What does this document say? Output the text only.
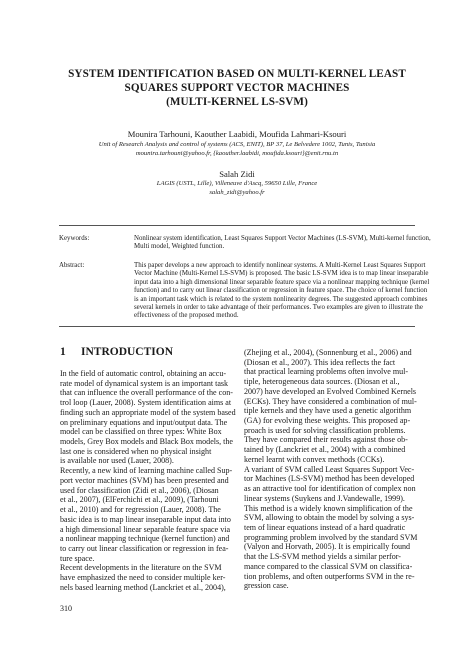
SYSTEM IDENTIFICATION BASED ON MULTI-KERNEL LEAST
SQUARES SUPPORT VECTOR MACHINES
(MULTI-KERNEL LS-SVM)
Mounira Tarhouni, Kaouther Laabidi, Moufida Lahmari-Ksouri
Unit of Research Analysis and control of systems (ACS, ENIT), BP 37, Le Belvedere 1002, Tunis, Tunisia
mounira.tarhouni@yahoo.fr, {kaouther.laabidi, moufida.ksouri}@enit.rnu.tn
Salah Zidi
LAGIS (USTL, Lille), Villeneuve d'Ascq, 59650 Lille, France
salah_zidi@yahoo.fr
Keywords:	Nonlinear system identification, Least Squares Support Vector Machines (LS-SVM), Multi-kernel function,
Multi model, Weighted function.
Abstract:	This paper develops a new approach to identify nonlinear systems. A Multi-Kernel Least Squares Support
Vector Machine (Multi-Kernel LS-SVM) is proposed. The basic LS-SVM idea is to map linear inseparable
input data into a high dimensional linear separable feature space via a nonlinear mapping technique (kernel
function) and to carry out linear classification or regression in feature space. The choice of kernel function
is an important task which is related to the system nonlinearity degrees. The suggested approach combines
several kernels in order to take advantage of their performances. Two examples are given to illustrate the
effectiveness of the proposed method.
1 INTRODUCTION
In the field of automatic control, obtaining an accu-
rate model of dynamical system is an important task
that can influence the overall performance of the con-
trol loop (Lauer, 2008). System identification aims at
finding such an appropriate model of the system based
on preliminary equations and input/output data. The
model can be classified on three types: White Box
models, Grey Box models and Black Box models, the
last one is considered when no physical insight
is available nor used (Lauer, 2008).
Recently, a new kind of learning machine called Sup-
port vector machines (SVM) has been presented and
used for classification (Zidi et al., 2006), (Diosan
et al., 2007), (ElFerchichi et al., 2009), (Tarhouni
et al., 2010) and for regression (Lauer, 2008). The
basic idea is to map linear inseparable input data into
a high dimensional linear separable feature space via
a nonlinear mapping technique (kernel function) and
to carry out linear classification or regression in fea-
ture space.
Recent developments in the literature on the SVM
have emphasized the need to consider multiple ker-
nels based learning method (Lanckriet et al., 2004),
(Zhejing et al., 2004), (Sonnenburg et al., 2006) and
(Diosan et al., 2007). This idea reflects the fact
that practical learning problems often involve mul-
tiple, heterogeneous data sources. (Diosan et al.,
2007) have developed an Evolved Combined Kernels
(ECKs). They have considered a combination of mul-
tiple kernels and they have used a genetic algorithm
(GA) for evolving these weights. This proposed ap-
proach is used for solving classification problems.
They have compared their results against those ob-
tained by (Lanckriet et al., 2004) with a combined
kernel learnt with convex methods (CCKs).
A variant of SVM called Least Squares Support Vec-
tor Machines (LS-SVM) method has been developed
as an attractive tool for identification of complex non
linear systems (Suykens and J.Vandewalle, 1999).
This method is a widely known simplification of the
SVM, allowing to obtain the model by solving a sys-
tem of linear equations instead of a hard quadratic
programming problem involved by the standard SVM
(Valyon and Horvath, 2005). It is empirically found
that the LS-SVM method yields a similar perfor-
mance compared to the classical SVM on classifica-
tion problems, and often outperforms SVM in the re-
gression case.
310
